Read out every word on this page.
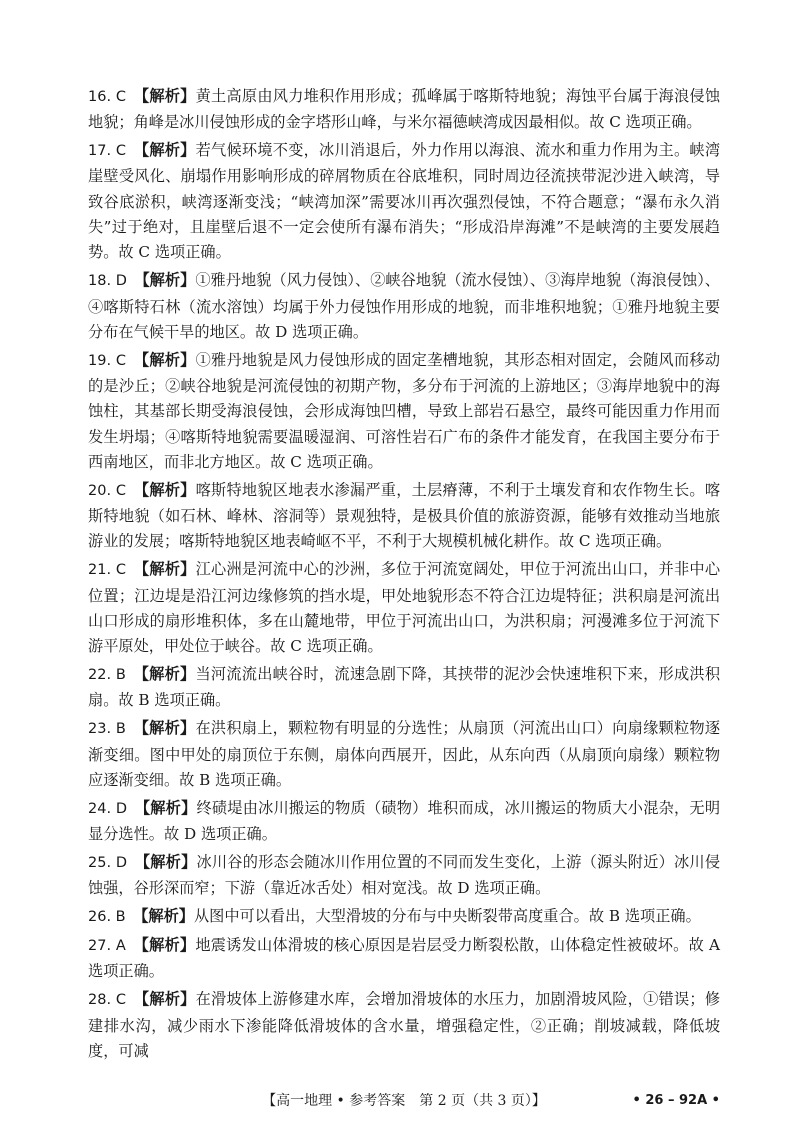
16. C  【解析】黄土高原由风力堆积作用形成；孤峰属于喀斯特地貌；海蚀平台属于海浪侵蚀地貌；角峰是冰川侵蚀形成的金字塔形山峰，与米尔福德峡湾成因最相似。故 C 选项正确。
17. C  【解析】若气候环境不变，冰川消退后，外力作用以海浪、流水和重力作用为主。峡湾崖壁受风化、崩塌作用影响形成的碎屑物质在谷底堆积，同时周边径流挟带泥沙进入峡湾，导致谷底淤积，峡湾逐渐变浅；“峡湾加深”需要冰川再次强烈侵蚀，不符合题意；“瀑布永久消失”过于绝对，且崖壁后退不一定会使所有瀑布消失；“形成沿岸海滩”不是峡湾的主要发展趋势。故 C 选项正确。
18. D  【解析】①雅丹地貌（风力侵蚀）、②峡谷地貌（流水侵蚀）、③海岸地貌（海浪侵蚀）、④喀斯特石林（流水溶蚀）均属于外力侵蚀作用形成的地貌，而非堆积地貌；①雅丹地貌主要分布在气候干旱的地区。故 D 选项正确。
19. C  【解析】①雅丹地貌是风力侵蚀形成的固定垄槽地貌，其形态相对固定，会随风而移动的是沙丘；②峡谷地貌是河流侵蚀的初期产物，多分布于河流的上游地区；③海岸地貌中的海蚀柱，其基部长期受海浪侵蚀，会形成海蚀凹槽，导致上部岩石悬空，最终可能因重力作用而发生坍塌；④喀斯特地貌需要温暖湿润、可溶性岩石广布的条件才能发育，在我国主要分布于西南地区，而非北方地区。故 C 选项正确。
20. C  【解析】喀斯特地貌区地表水渗漏严重，土层瘠薄，不利于土壤发育和农作物生长。喀斯特地貌（如石林、峰林、溶洞等）景观独特，是极具价值的旅游资源，能够有效推动当地旅游业的发展；喀斯特地貌区地表崎岖不平，不利于大规模机械化耕作。故 C 选项正确。
21. C  【解析】江心洲是河流中心的沙洲，多位于河流宽阔处，甲位于河流出山口，并非中心位置；江边堤是沿江河边缘修筑的挡水堤，甲处地貌形态不符合江边堤特征；洪积扇是河流出山口形成的扇形堆积体，多在山麓地带，甲位于河流出山口，为洪积扇；河漫滩多位于河流下游平原处，甲处位于峡谷。故 C 选项正确。
22. B  【解析】当河流流出峡谷时，流速急剧下降，其挟带的泥沙会快速堆积下来，形成洪积扇。故 B 选项正确。
23. B  【解析】在洪积扇上，颗粒物有明显的分选性；从扇顶（河流出山口）向扇缘颗粒物逐渐变细。图中甲处的扇顶位于东侧，扇体向西展开，因此，从东向西（从扇顶向扇缘）颗粒物应逐渐变细。故 B 选项正确。
24. D  【解析】终碛堤由冰川搬运的物质（碛物）堆积而成，冰川搬运的物质大小混杂，无明显分选性。故 D 选项正确。
25. D  【解析】冰川谷的形态会随冰川作用位置的不同而发生变化，上游（源头附近）冰川侵蚀强，谷形深而窄；下游（靠近冰舌处）相对宽浅。故 D 选项正确。
26. B  【解析】从图中可以看出，大型滑坡的分布与中央断裂带高度重合。故 B 选项正确。
27. A  【解析】地震诱发山体滑坡的核心原因是岩层受力断裂松散，山体稳定性被破坏。故 A 选项正确。
28. C  【解析】在滑坡体上游修建水库，会增加滑坡体的水压力，加剧滑坡风险，①错误；修建排水沟，减少雨水下渗能降低滑坡体的含水量，增强稳定性，②正确；削坡减载，降低坡度，可减
【高一地理 • 参考答案　第 2 页（共 3 页）】	• 26 – 92A •
